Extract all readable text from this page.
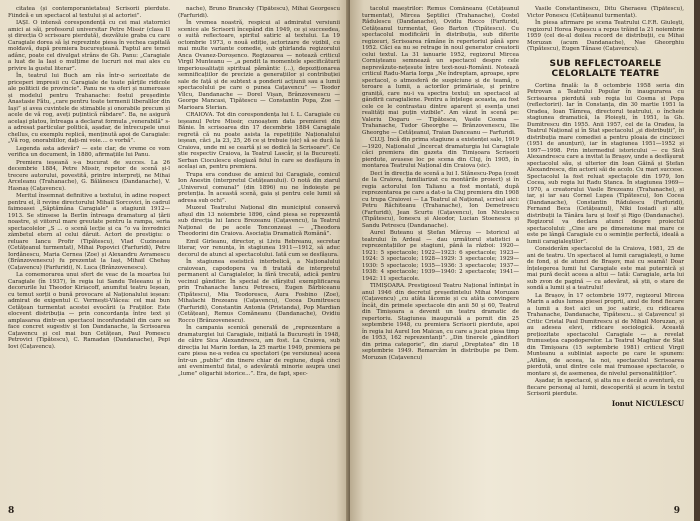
citatea (și contemporanietatea) Scrisorii pierdute. Fiindcă e un spectacol al textului și al actoriei”.

IAȘI. O intensă corespondență cu cei mai statornici amici ai săi, profesorul universitar Petre Missir (clasa II și direcția O scrisoare pierdută), dezvăluie graba cu care Caragiale dorea să își reprezinte piesa în vechea capitală moldavă, după premiera bucureșteană. Faptul are temei adânc, poate cel divulgat strâns de Gh. Panu: „Caragiale a luat de la Iași o mulțime de lucruri noi mai ales cu privire la gustul literar”.

În, teatrul lui Buch am râs într-o seriozitate de priceperi impresii cu Caragiale de toate părțile ridicole ale politicii de provincie”. Panu ne va oferi și numeroase și modelul pentru Trahanache: fostul președinte Anastasie Fătu, „care pentru toate termenii liberalilor din Iași” și avea cuvintele de stimabile și onorabile precum și acele de vă rog, aveți puțintică răbdare”. Ba, ne asigură același platou, întreaga a declarat formula „venerabilă” s-a adresat particular politică, așadar, de întrecupele unui chellus, cu exemplu replică, menținută apoi de Caragiale: „Vă rog, onorabililor, dați-mi voie.... o vorbă”.

Legenda asta adevăr? — este clar, de vreme ce vom verifica un document, în 1880, afirmațiile lui Panu.

Premiera ieșeană s-a bucurat de succes. La 26 decembrie 1884, Petre Missir, repetor de scenă și-l trecere autorului, povestită, printre interpreți, ne Mihai Arceleanu (Trahanache), G. Bălănescu (Dandanache), V. Hasnaș (Cațavencu).

Meritul însemnat definitive a textului, în adine respect pentru el, îl revine directorului Mihail Sorcovici, în cadrul faimoasei „Săptămâna Caragiale” a stagiunii 1912—1913. Se stinsese la Berlin întreaga dramaturg al țării noastre, și viitorul mare greutate pentru la rampa, seria spectacolelor „S ... o scenă lecție și ca ”o va învrednici zâmbetul etern al celui dăruit. Actori de prestigiu: o reluare Iancu Profir (Tipătescu), Vlad Cuzineanu (Cetățeanul turmentat), Mihai Popovici (Farfuridi), Petre Iordănescu, Maria Cernea (Zoe) și Alexandru Avramescu (Brânzovenescu) fu prezentat la Iași, Mihail Chehaș (Cațavencu) (Farfuridi), N. Luca (Brânzovenescu).

La comemorarea unui sfert de veac de la moartea lui Caragiale (în 1937), în regia lui Sandu Teleeanu și în decorurile lui Theodor Kiriacoff, anumitul teatru Ieșean, cu temut sorții o bună provocare al Naționalului ieșean: admirat de exigentul C. Vermești-Vlăcea: cel mai bun Cetățean turmentat acestei evocării (a Frațiilor. Este elocvent distribuția — prin concordanța între text și amplasarea dintr-un spectacol inconfundabil din care se face concret sugestiv și Ion Dandanache, la Scrisoarea Cațavencu și cel mai bun Cetățean, Paul Pomescu Petrovici (Tipătescu), C. Ramadan (Dandanache), Pepi Iovi (Cațavencu).

nache), Bruno Brancsky (Tipătescu), Mihai Georgescu (Farfuridi).

În vremea noastră, respicui al admiratul versiunii scenice ale Scrisorii începând din 1949, ce și succeedea, o suită reflectoare, spiritul satiric al textului. La 19 octombrie 1973, o nouă ediție, actorizare de vizibil, cu mai multe variante comedie, sub ghirlanda regizorului Anca Ovanez-Doroșenco. Regizoarea — notează criticul Virgil Munteanu — „a pendit la momentele specificăturii imperiousalitații spiritual pământic (...), depoziționarea semnificațiilor de precizie a generațiilor și contribuției sale de față și de subtext a ponderii acțiunii sau a lumii spectacolului pe care o punea Cațavencu” — Teodor Vîlcu, Dandanache — Dorel Vișan, Brânzovenescu — George Mancasi, Tipătescu — Constantin Popa, Zoe — Marioara Sterian.

CRAIOVA. Tot din corespondența lui I. L. Caragiale cu ieșeanul Petre Missir, cunoaștem data premierei din Bănie. În scrisoarea din 17 decembrie 1884 Caragiale regretă că nu poate asista la repetițiile Naționalului ieșean, căci „la 23, 25, 26 ce și trebuie (sic) să se ducă la Craiova, unde mi se ceartă și se dedică la Scrisoare”. Ce știe respectiv Craiova, la Teatrul Lascăr, și la București. Serban Cioculescu elogiază felul în care se desfășura în același an, pentru premiera.

Trupa era conduse de amicul lui Caragiale, comicul Ion Anestin (interpretul Cetățeanului). O notă din ziarul „Universul comunal” (din 1896) nu ne îndoiește pe pretenția. În această scenă, gaia și pentru cele lumii să adresa sub ochi”.

Muzeul Teatrului Național din municipiul conservă afișul din 13 noiembrie 1896, când piesa se reprezentă sub direcția lui Iancu Brezeanu (Cațavencu), la Teatrul Național de pe acele Tonconzeași — „Theodora Theodorini din Craiova. Asociația Dramatică Română”.

Emil Girleanu, director, și Liviu Rebreanu, secretar literar, vor renunța, în stagiunea 1911—1912, să aduc decorul de atunci al spectacolului. Iată cum se desfășura.

În stagiunea eseistică interbelică, a Naționalului craiovean, capodopera va fi tratată de interpretul permanent al Caragialelor, la fără trecută, adică pentru vecinul gânditor. În special de sfârșitul exemplificarea prin Trahanache Iancu Petrescu, Eugen Bărbiceanu (Tipătescu), Mia Teodorescu, Aura Fosbino (Zoe), Mihalachi Brezeanu (Cațavencu), Cocea Dumitrescu (Farfuridi), Constantin Antonia (Pristanda), Pop Mardian (Cetățean), Remus Comăneanu (Dandanache), Ovidiu Rocco (Brânzovenescu).

În campania scenică generală de „reprezentare a dramaturgiei lui Caragiale, inițiată la București în 1948, de către Sica Alexandrescu, am fost. La Craiova, sub direcția lui Marin Iordan, la 25 martie 1949, premiera pe care piesa ne-a vedea cu spectatori (pe versiunea) aceea într-un „public” din tinere chiar de regiune, după cinci ani evenimentul fatal, o adevărată minorie asupra unei „lume” oligarhii istorice...”. Era, de fapt, spec-

8

tacolul maeștrilor: Remus Comăneanu (Cetățeanul turmentat), Mircea Șeptilici (Trahanache), Costel Rădulescu (Dandanache), Ovidiu Rocco (Farfuridi, Cetățeanul turmentat, Geo Barton (Tipătescu). Cu spectacolul modificării în distribuția, sub diferite regizeuri, Scrisoarea rămâne în repertoriul până spre 1952. Căci ea nu se retrage în noul generator creatorii celui textul. La 31 ianuarie 1952, regizorul Mircea Cornișteanu semnează un spectacol despre cele neprevăzute-nețesute între text-noui-Românii. Notează criticul Radu-Maria Iorga „Ne îndreptam, aproape, spre spectacol, o atmosferă de suspiciune și de teamă, o teroare a lumii, a actorilor primăriale, și printre graniță, care nu-i va spectra textul; un spectacol al gândirii caragialiene. Pentru a înțelege aceasta, au fost cele ce le contrastau dintre aparent și esența unei realități mai puțin vizibile”. Am văzut în scenă pe: Valeriu Dogaru — Tipătescu, Vasile Cosma — Trahanache, Tudor Gheorghe — Brânzovenescu, Ilie Gheorghe — Cetățeanul, Traian Danceanu — Farfuridi.

CLUJ. Încă din prima stagiune a existenței sale, 1919—1920, Naționalul „încercat dramaturgia lui Caragiale căci premiera din gazeta din Timișoara Scrisorii pierdute, avusese loc pe scena din Cluj, în 1905, în montarea Teatrului Național din Craiova (sic).

Deci în direcția de scenă a lui I. Stănescu-Popa (cosit de la Craiova, familiarizat cu montările proiect) și în regia actorului Ion Talianu a fost montată, după reprezentarea pe care a dat-o la Cluj premiera din 1908 cu trupa Craiovei — La Teatrul al Național, scrisul aici: Petru Răchiteanu (Trahanache), Ion Demetrescu (Farfuridi), Jean Scurtu (Cațavencu), Ion Niculescu (Tipătescu), Ionescu și Aleodor, Lucian Stoenescu și Sandu Petrescu (Dandanache).

Aurel Buteanu și Ștefan Mărcuș — Istoricul al teatrului în Ardeal — dau următorul statistici a reprezentațiilor pe stagiuni, până la război: 1920—1921: 5 spectacole; 1922—1923: 6 spectacole; 1923—1924: 3 spectacole; 1928—1929: 3 spectacole; 1929—1930: 5 spectacole; 1935—1936: 3 spectacole; 1937—1938: 4 spectacole; 1939—1940: 2 spectacole; 1941—1942: 11 spectacole.

TIMIȘOARA. Prestigiosul Teatru Național înființat în anul 1946 din decretul președintelui Mihai Moruzan (Cațavencu) „cu atâta lăcomie și cu atâta convingere încât, din primele spectacole din anii 50 și 60, Teatrul din Timișoara a devenit un teatru dramatic de repertoriu. Stagiunea inaugurală a pornit din 25 septembrie 1948, cu premiera Scrisorii pierdute, apoi în regia lui Aurel Ion Maican, cu care a jucat piesa timp de 1953, 162 reprezentanți”. „Din tinerele „gânditori din prima categorie”, din ziarul „Dreptatea” din 18 septembrie 1949. Remarcăm în distribuție pe Dem. Moruzan (Cațavencu)

Vasile Constantinescu, Ditu Gheraesu (Tipătescu), Victor Ponescu (Cetățeanul turmentat).

În piesa afirmare pe scena Teatrului C.F.R. Giuleşti, regizorul Horea Popescu a repus trăind la 21 noiembrie 1959 (cel de-al doilea record de distribuții, cu Mihai Moruzan (acum Dandanache), Nae Gheorghiu (Tipătescu), Eugen Tănase (Cațavencu).

SUB REFLECTOARELE CELORLALTE TEATRE

Cortina finală: la 8 octombrie 1958 seria din Petrovan a Teatrului Popular în inaugurarea cu Scrisoarea pierdută sub regia lui Cosma și Popa (reflectoriri). Iar în Constanța, din 30 martie 1951 la Oradea, Ioan Tâmrea, directorul teatrului, o încheie stagiunea dramatică, la Ploiești, în 1951, la Gh. Dumitrescu din 1955. Anii 1957, cel de la Oradea, la Teatrul Național și în Stat spectacolul „și distribuții”, în distribuția mare comediei a pentru ploaia de cincizeci (1951 de anunțuri), iar în stagiunea 1951—1952 și 1997—1998. Prin intermediul istoricului — cu Sică Alexandrescu care a invitat la Brașov, unde a desfășurat spectacolul său, și ulterior din Ioan Găină și Ștefan Alexandrescu, din actorii săi de acolo. Cu mari succese. Spectacolul la fost reluat spectacole din 1979, Ion Cocea, sub regia lui Radu Stanca. În stagiunea 1969—1970, a creatorului Vasile Brezeanu (Trahanache), și iar, și iar sau Cornel Lupea (Tipătescu), Ion Cocea (Dandanache), Constantin Rădulescu (Farfuridi), Fernand Beca (Cetățeanul), Niki Iosiadi și alte distribuții la Tânăra Iaru și Iosif și Rigo (Dandanache). Regizorul va declara atunci despre proiectul spectacolului: „Cine are pe dimensiune mai mare ce este pe lângă Caragiale cu o seminție perfectă, ideală a lumii caragialeştilor”.

Considerăm spectacolul de la Craiova, 1981, 25 de ani de teatru. Un spectacol al lumii caragialești, o lume de fond, și de atunci de Brașov, mai cu seamă! Doar înțelegerea lumii lui Caragiale este mai puternică și mai pură decât aceea a altui — Iată: Caragiale, arta lui sub zvon de pagină — cu adevărat, să știi, o stare de sondă a lumii și a teatrului!

La Brașov, în 17 octombrie 1977, regizorul Mircea Marin a adus lumea piesei proprii, anul de fond fiecare a lumii a fost aici un joc satiric, cu ridicarea Trahanache, Dandanache, Tipătescu... și Cațavencu! și Critic Cristal Paul Dumitrescu și de Mihail Moruzan, și au adesea elevi, ridicare sociologică. Această prețiozitate spectacolul Caragiale — a revelat frumusețea capodoperelor. La Teatrul Maghiar de Stat din Timișoara (15 septembrie 1981) criticul Virgil Munteanu a subliniat aspecte pe care le spunem: „Aflăm, de aceea, la noi, spectacolul Scrisoarea pierdută, unul dintre cele mai frumoase spectacole, o montare și, de asemenea, de nivelul personalităților”.

Așadar, în spectacol, și alta nu e decât o aventură, cu fiecare personaj al lumii, descoperită și acum în textul Scrisorii pierdute.

Ionut NICULESCU
9
